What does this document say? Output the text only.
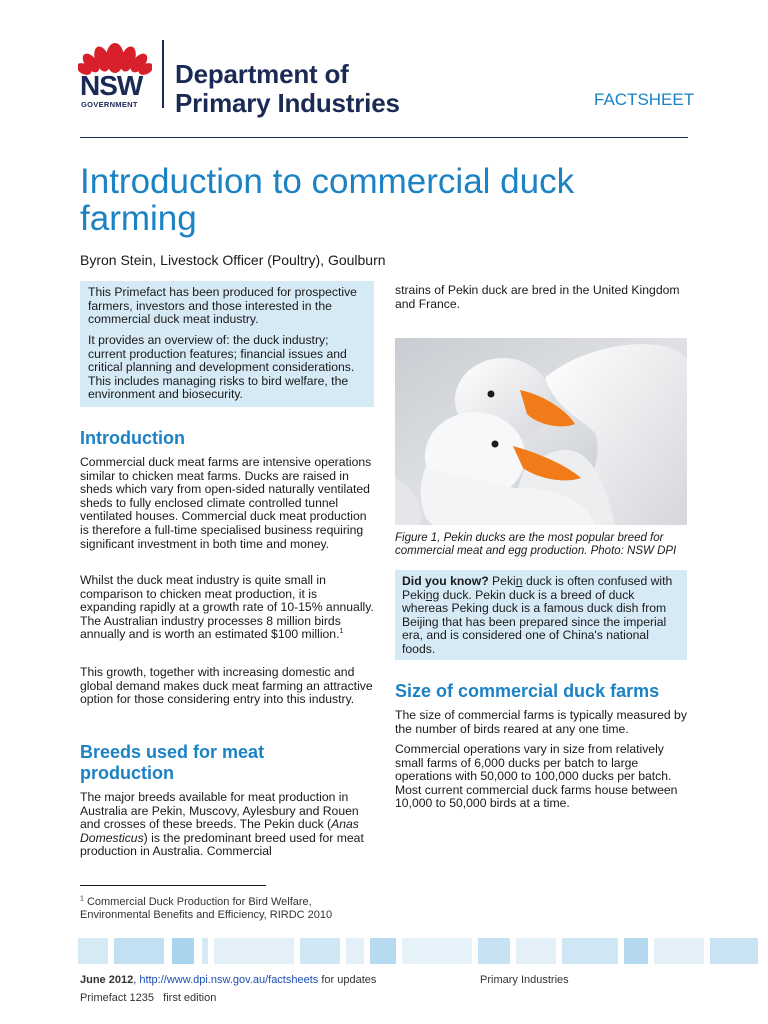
NSW
GOVERNMENT
Department of
Primary Industries	FACTSHEET
Introduction to commercial duck
farming
Byron Stein, Livestock Officer (Poultry), Goulburn

This Primefact has been produced for prospective farmers, investors and those interested in the commercial duck meat industry.

It provides an overview of: the duck industry; current production features; financial issues and critical planning and development considerations. This includes managing risks to bird welfare, the environment and biosecurity.

Introduction

Commercial duck meat farms are intensive operations similar to chicken meat farms. Ducks are raised in sheds which vary from open-sided naturally ventilated sheds to fully enclosed climate controlled tunnel ventilated houses. Commercial duck meat production is therefore a full-time specialised business requiring significant investment in both time and money.

Whilst the duck meat industry is quite small in comparison to chicken meat production, it is expanding rapidly at a growth rate of 10-15% annually. The Australian industry processes 8 million birds annually and is worth an estimated $100 million.$^1$

This growth, together with increasing domestic and global demand makes duck meat farming an attractive option for those considering entry into this industry.

Breeds used for meat
production

The major breeds available for meat production in Australia are Pekin, Muscovy, Aylesbury and Rouen and crosses of these breeds. The Pekin duck (Anas Domesticus) is the predominant breed used for meat production in Australia. Commercial

strains of Pekin duck are bred in the United Kingdom and France.

Figure 1, Pekin ducks are the most popular breed for commercial meat and egg production. Photo: NSW DPI

Did you know? Pekin duck is often confused with Peking duck. Pekin duck is a breed of duck whereas Peking duck is a famous duck dish from Beijing that has been prepared since the imperial era, and is considered one of China's national foods.

Size of commercial duck farms

The size of commercial farms is typically measured by the number of birds reared at any one time.

Commercial operations vary in size from relatively small farms of 6,000 ducks per batch to large operations with 50,000 to 100,000 ducks per batch. Most current commercial duck farms house between 10,000 to 50,000 birds at a time.

$^1$ Commercial Duck Production for Bird Welfare, Environmental Benefits and Efficiency, RIRDC 2010

June 2012, http://www.dpi.nsw.gov.au/factsheets for updates
Primefact 1235   first edition
Primary Industries
